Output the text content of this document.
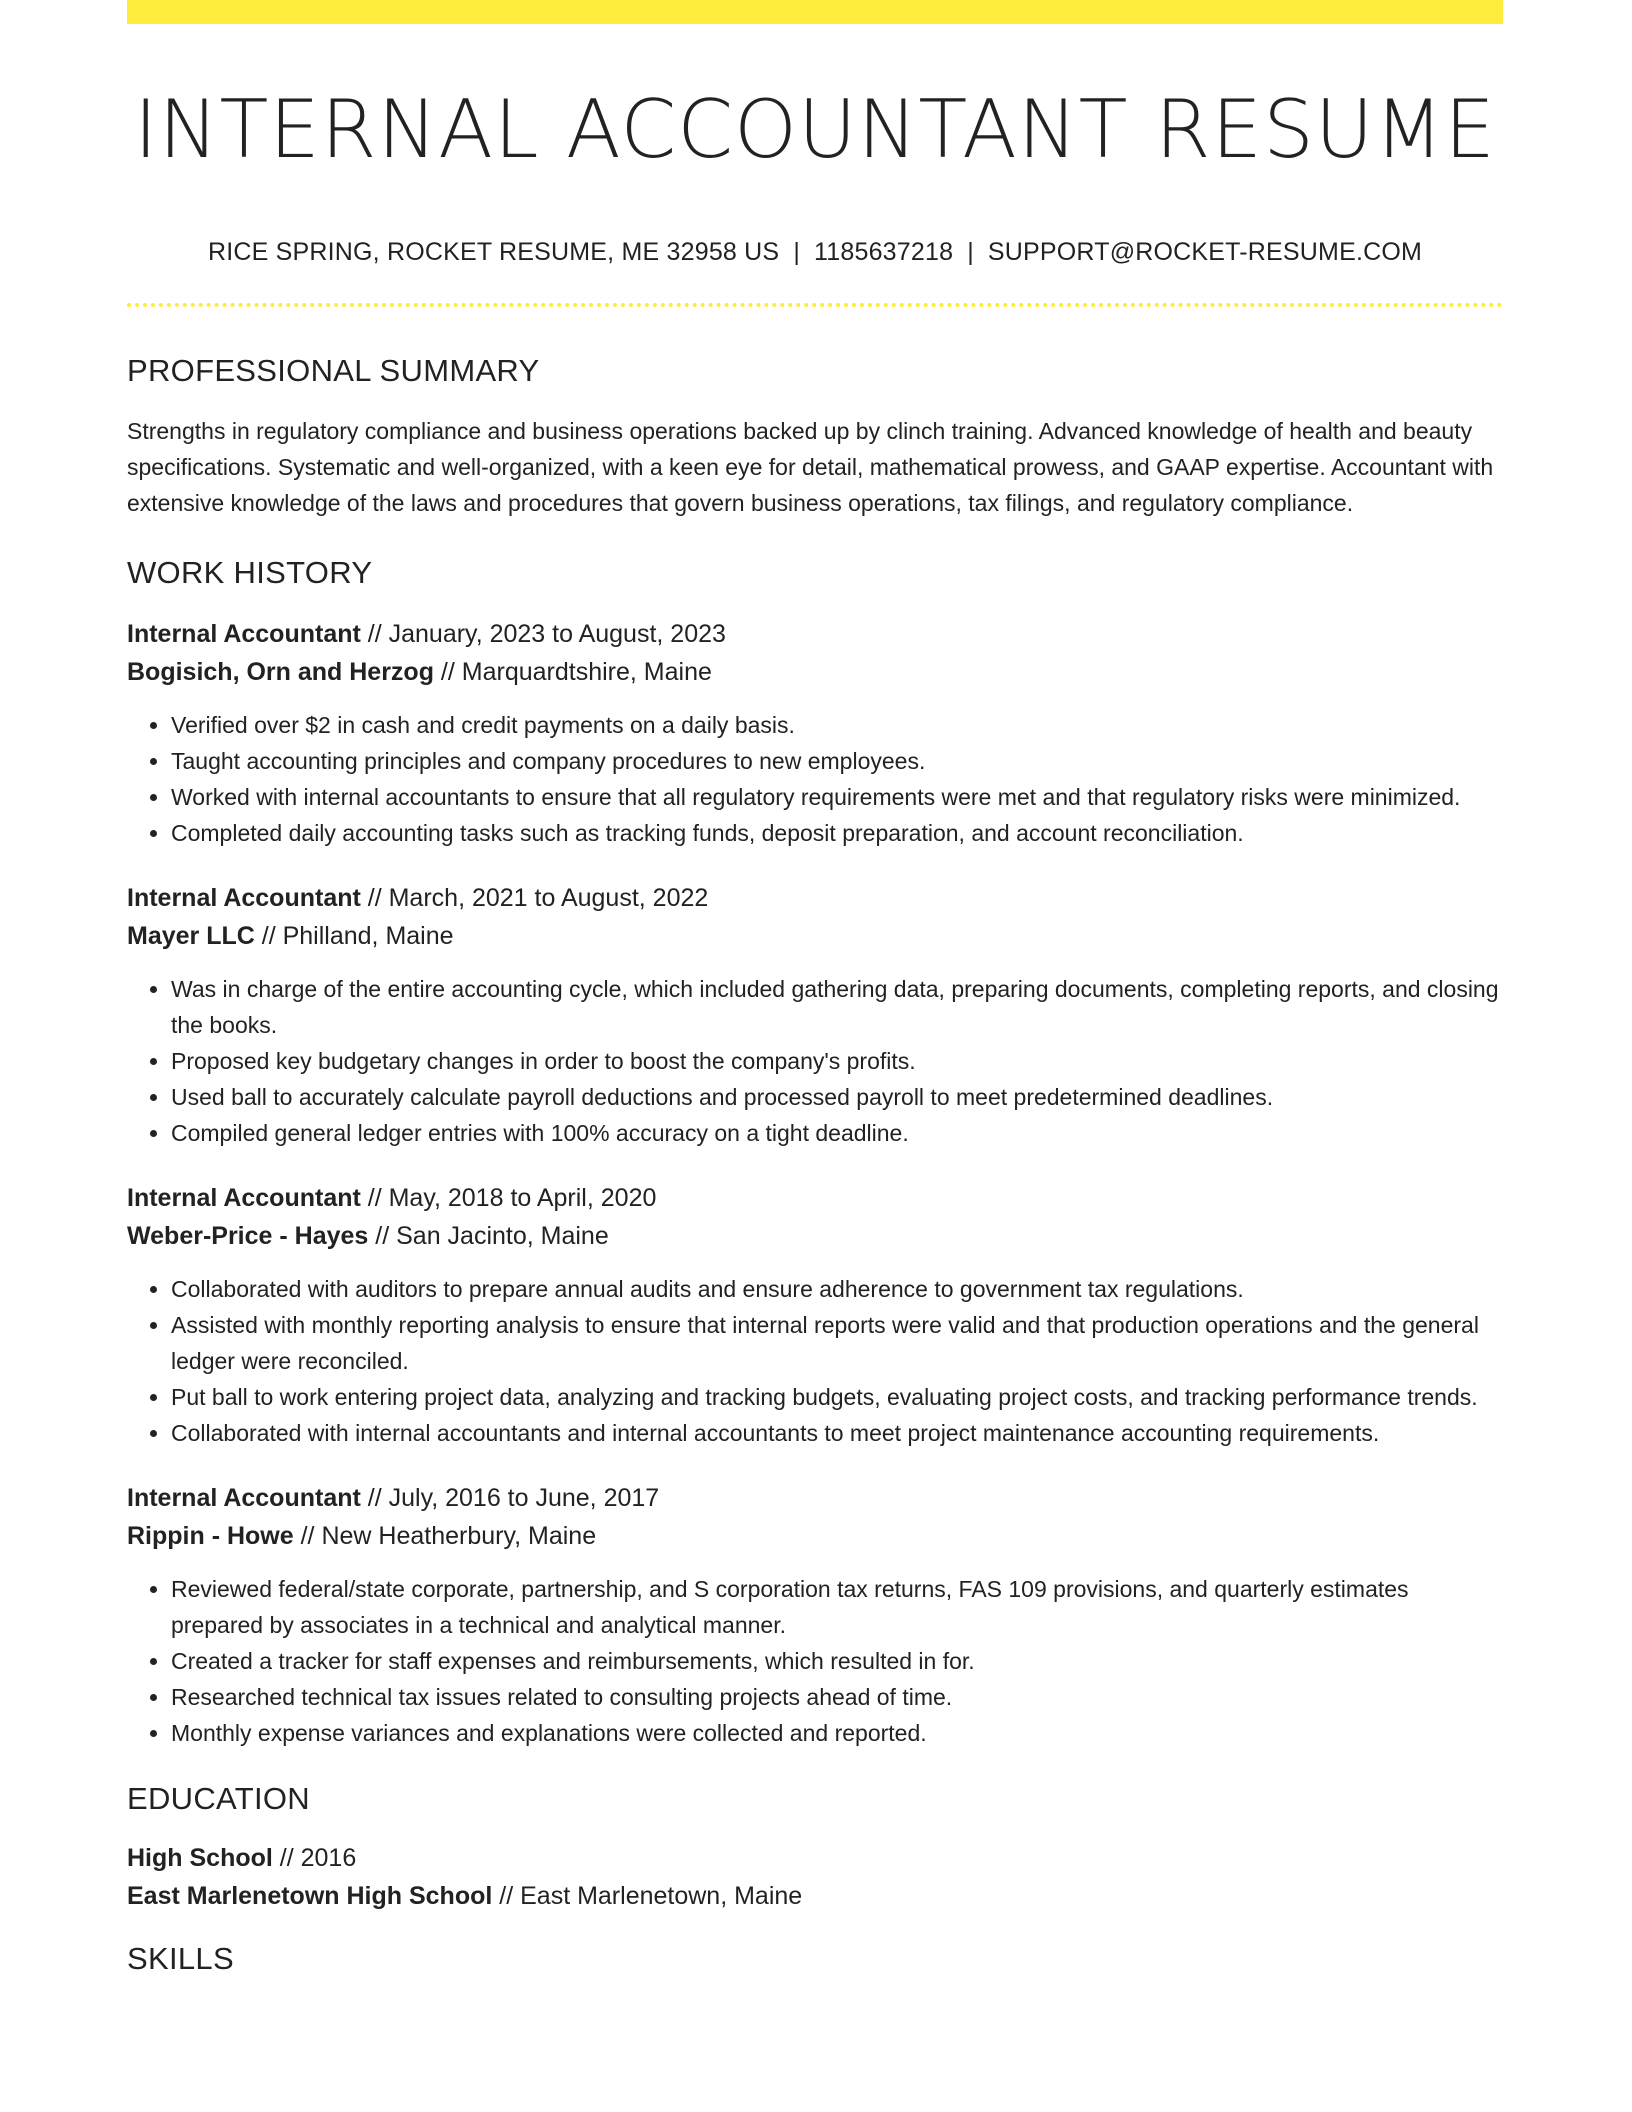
INTERNAL ACCOUNTANT RESUME
RICE SPRING, ROCKET RESUME, ME 32958 US | 1185637218 | SUPPORT@ROCKET-RESUME.COM
PROFESSIONAL SUMMARY
Strengths in regulatory compliance and business operations backed up by clinch training. Advanced knowledge of health and beauty specifications. Systematic and well-organized, with a keen eye for detail, mathematical prowess, and GAAP expertise. Accountant with extensive knowledge of the laws and procedures that govern business operations, tax filings, and regulatory compliance.
WORK HISTORY
Internal Accountant // January, 2023 to August, 2023
Bogisich, Orn and Herzog // Marquardtshire, Maine
• Verified over $2 in cash and credit payments on a daily basis.
• Taught accounting principles and company procedures to new employees.
• Worked with internal accountants to ensure that all regulatory requirements were met and that regulatory risks were minimized.
• Completed daily accounting tasks such as tracking funds, deposit preparation, and account reconciliation.
Internal Accountant // March, 2021 to August, 2022
Mayer LLC // Philland, Maine
• Was in charge of the entire accounting cycle, which included gathering data, preparing documents, completing reports, and closing the books.
• Proposed key budgetary changes in order to boost the company's profits.
• Used ball to accurately calculate payroll deductions and processed payroll to meet predetermined deadlines.
• Compiled general ledger entries with 100% accuracy on a tight deadline.
Internal Accountant // May, 2018 to April, 2020
Weber-Price - Hayes // San Jacinto, Maine
• Collaborated with auditors to prepare annual audits and ensure adherence to government tax regulations.
• Assisted with monthly reporting analysis to ensure that internal reports were valid and that production operations and the general ledger were reconciled.
• Put ball to work entering project data, analyzing and tracking budgets, evaluating project costs, and tracking performance trends.
• Collaborated with internal accountants and internal accountants to meet project maintenance accounting requirements.
Internal Accountant // July, 2016 to June, 2017
Rippin - Howe // New Heatherbury, Maine
• Reviewed federal/state corporate, partnership, and S corporation tax returns, FAS 109 provisions, and quarterly estimates prepared by associates in a technical and analytical manner.
• Created a tracker for staff expenses and reimbursements, which resulted in for.
• Researched technical tax issues related to consulting projects ahead of time.
• Monthly expense variances and explanations were collected and reported.
EDUCATION
High School // 2016
East Marlenetown High School // East Marlenetown, Maine
SKILLS
